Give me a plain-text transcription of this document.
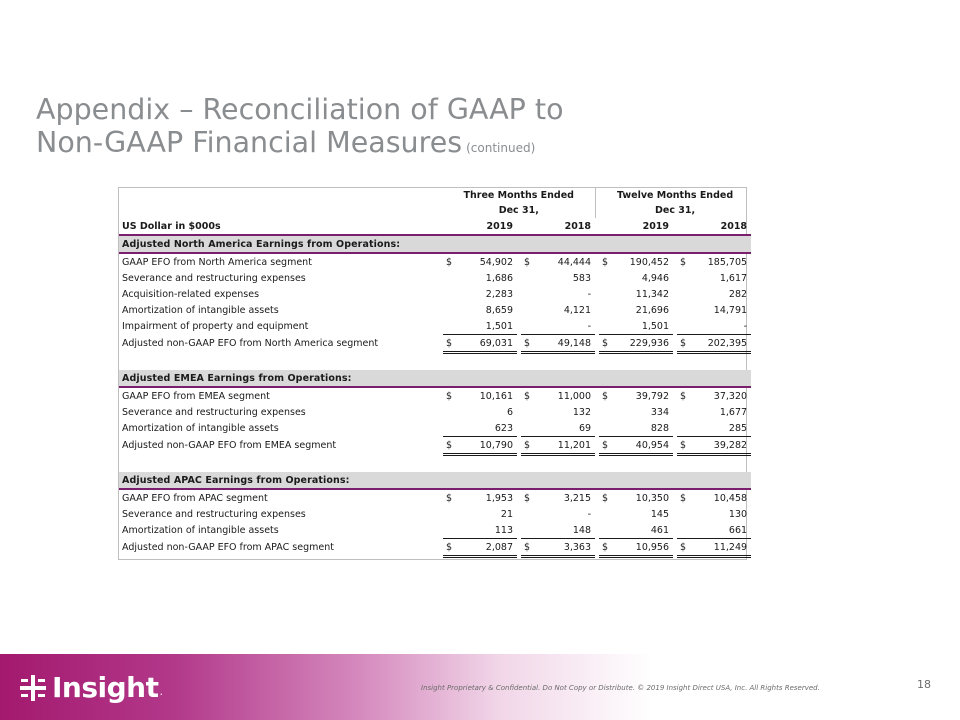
Appendix – Reconciliation of GAAP to
Non-GAAP Financial Measures (continued)
	Three Months Ended				Twelve Months Ended		
	Dec 31,				Dec 31,		
US Dollar in $000s	2019		2018		2019		2018
Adjusted North America Earnings from Operations:							
GAAP EFO from North America segment	$ 54,902		$ 44,444		$ 190,452		$ 185,705
Severance and restructuring expenses	1,686		583		4,946		1,617
Acquisition-related expenses	2,283		-		11,342		282
Amortization of intangible assets	8,659		4,121		21,696		14,791
Impairment of property and equipment	1,501		-		1,501		-
Adjusted non-GAAP EFO from North America segment	$ 69,031		$ 49,148		$ 229,936		$ 202,395

Adjusted EMEA Earnings from Operations:							
GAAP EFO from EMEA segment	$ 10,161		$ 11,000		$ 39,792		$ 37,320
Severance and restructuring expenses	6		132		334		1,677
Amortization of intangible assets	623		69		828		285
Adjusted non-GAAP EFO from EMEA segment	$ 10,790		$ 11,201		$ 40,954		$ 39,282

Adjusted APAC Earnings from Operations:							
GAAP EFO from APAC segment	$ 1,953		$ 3,215		$ 10,350		$ 10,458
Severance and restructuring expenses	21		-		145		130
Amortization of intangible assets	113		148		461		661
Adjusted non-GAAP EFO from APAC segment	$ 2,087		$ 3,363		$ 10,956		$ 11,249

Insight .	Insight Proprietary & Confidential. Do Not Copy or Distribute. © 2019 Insight Direct USA, Inc. All Rights Reserved.	18
